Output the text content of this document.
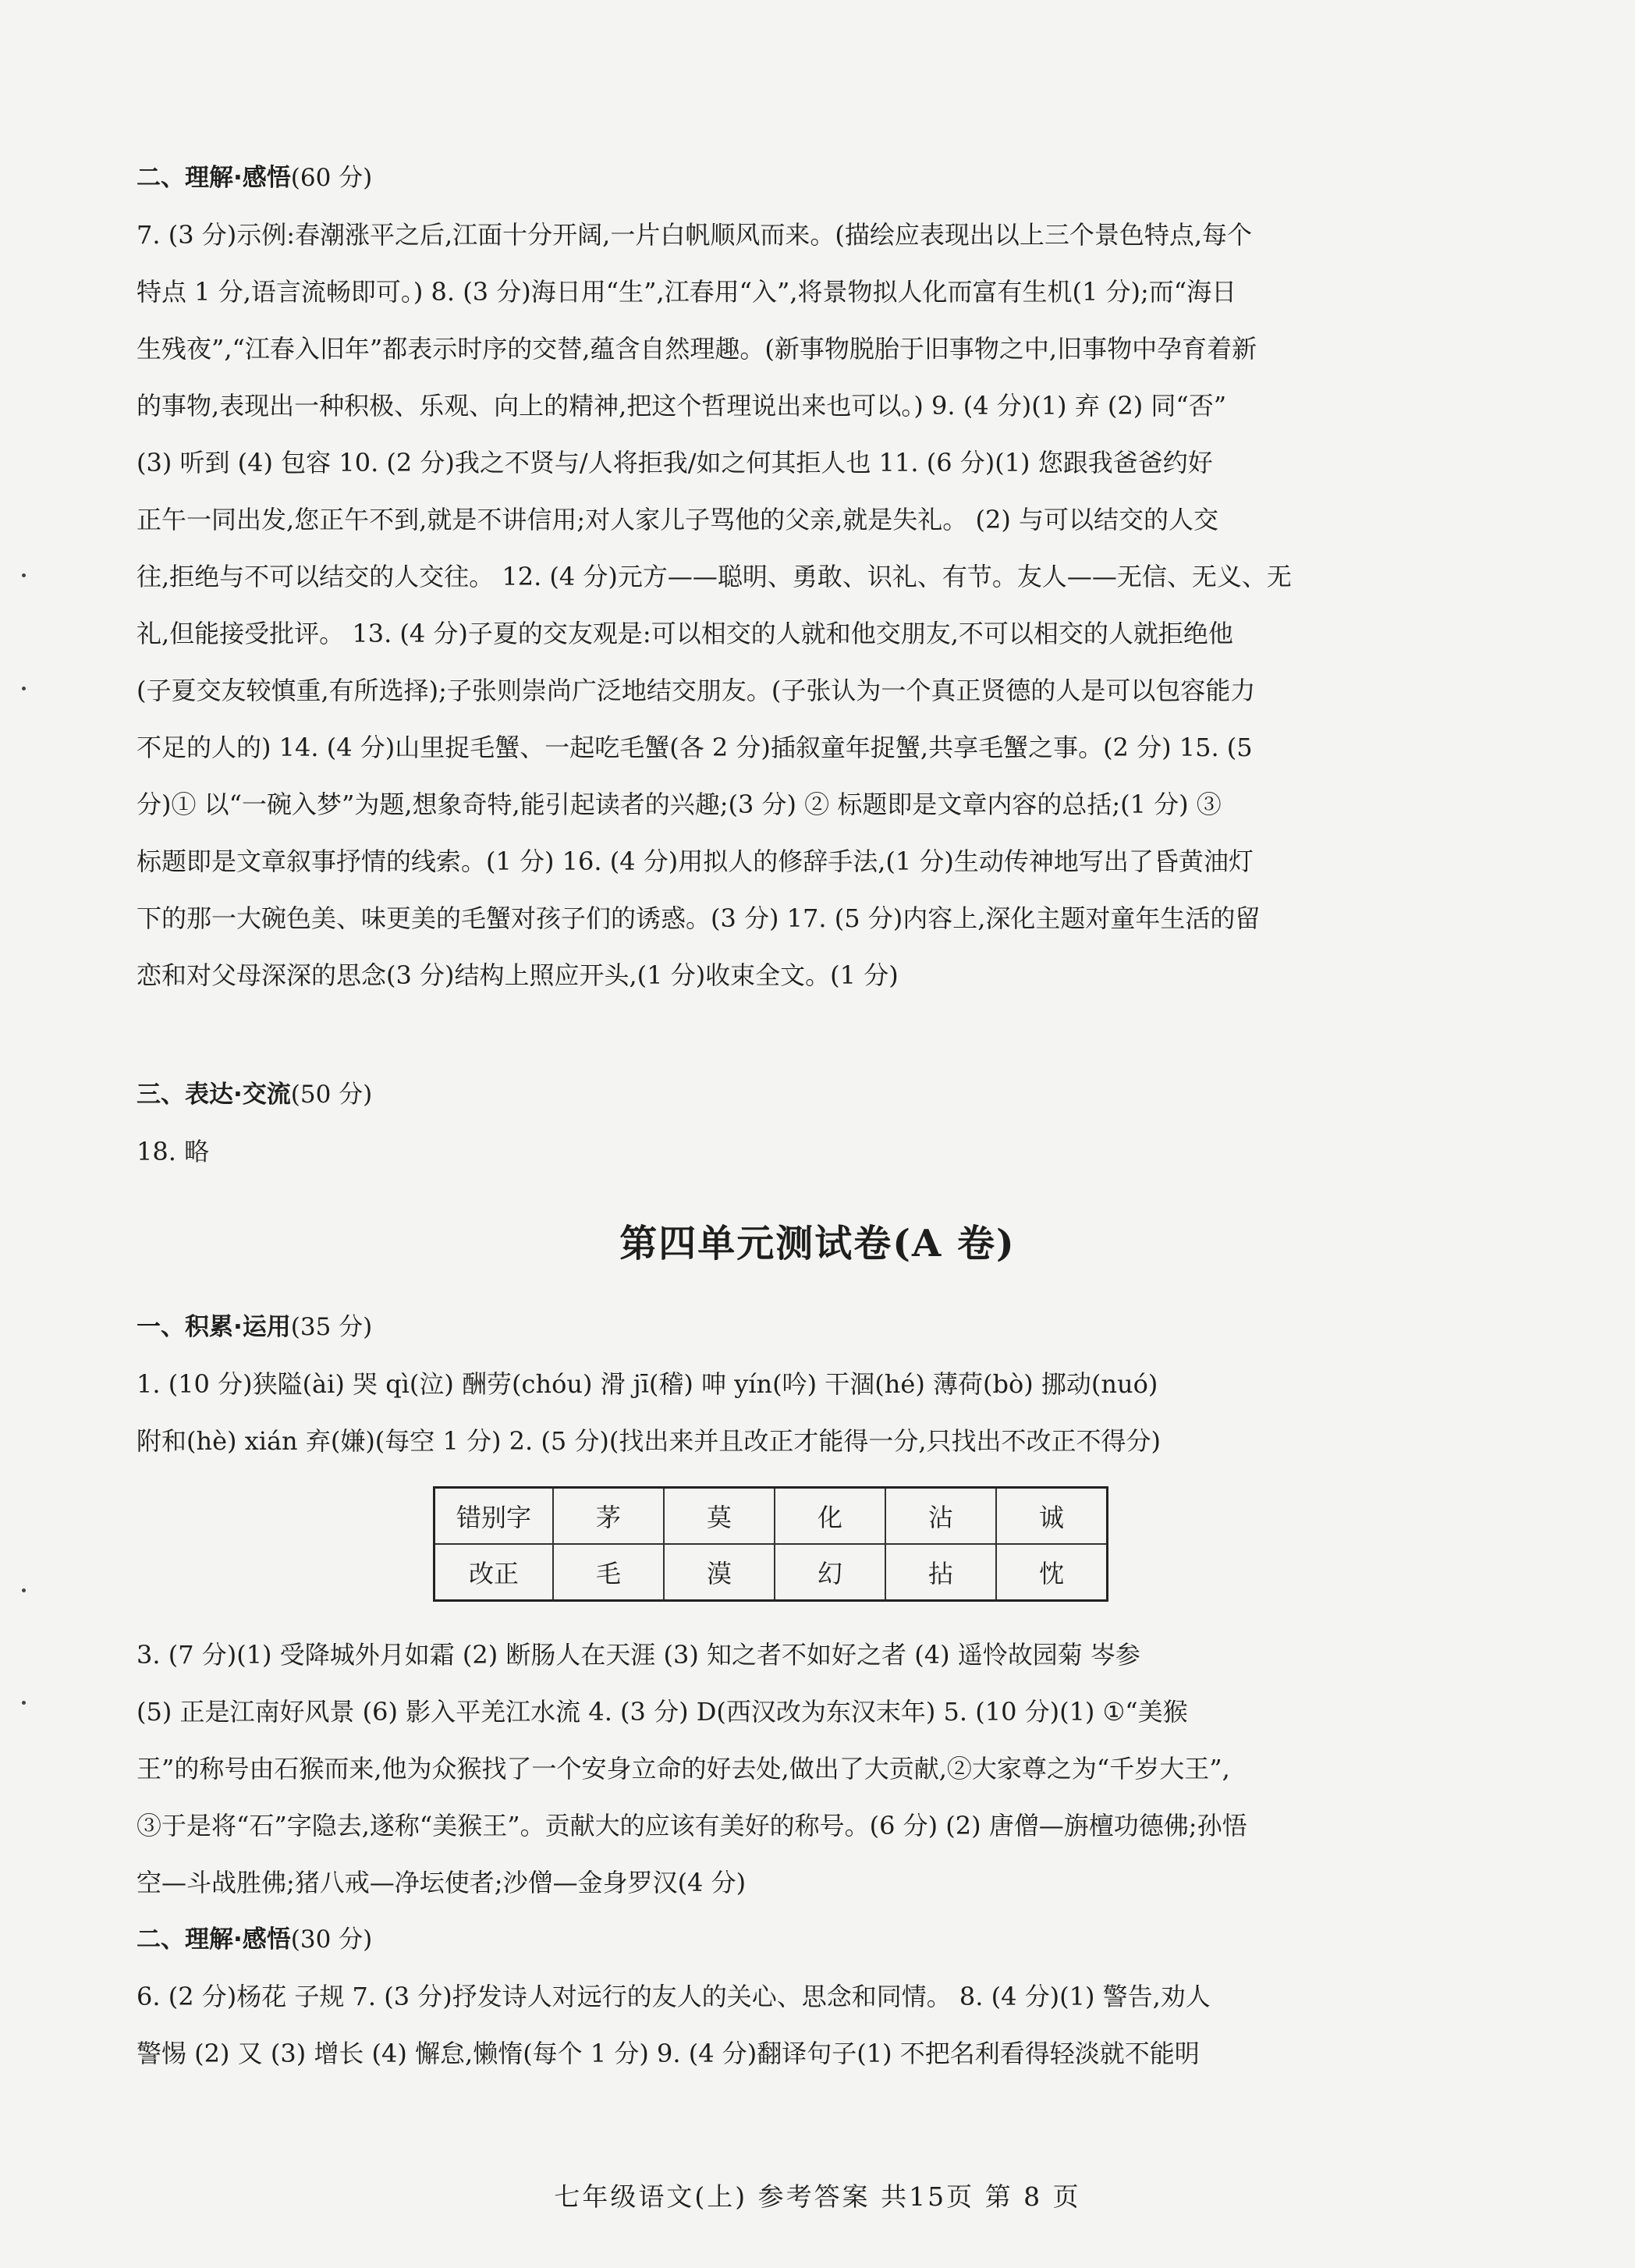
二、理解·感悟(60 分)
7. (3 分)示例:春潮涨平之后,江面十分开阔,一片白帆顺风而来。(描绘应表现出以上三个景色特点,每个
特点 1 分,语言流畅即可。) 8. (3 分)海日用“生”,江春用“入”,将景物拟人化而富有生机(1 分);而“海日
生残夜”,“江春入旧年”都表示时序的交替,蕴含自然理趣。(新事物脱胎于旧事物之中,旧事物中孕育着新
的事物,表现出一种积极、乐观、向上的精神,把这个哲理说出来也可以。) 9. (4 分)(1) 弃 (2) 同“否”
(3) 听到 (4) 包容 10. (2 分)我之不贤与/人将拒我/如之何其拒人也 11. (6 分)(1) 您跟我爸爸约好
正午一同出发,您正午不到,就是不讲信用;对人家儿子骂他的父亲,就是失礼。 (2) 与可以结交的人交
往,拒绝与不可以结交的人交往。 12. (4 分)元方——聪明、勇敢、识礼、有节。友人——无信、无义、无
礼,但能接受批评。 13. (4 分)子夏的交友观是:可以相交的人就和他交朋友,不可以相交的人就拒绝他
(子夏交友较慎重,有所选择);子张则崇尚广泛地结交朋友。(子张认为一个真正贤德的人是可以包容能力
不足的人的) 14. (4 分)山里捉毛蟹、一起吃毛蟹(各 2 分)插叙童年捉蟹,共享毛蟹之事。(2 分) 15. (5
分)① 以“一碗入梦”为题,想象奇特,能引起读者的兴趣;(3 分) ② 标题即是文章内容的总括;(1 分) ③
标题即是文章叙事抒情的线索。(1 分) 16. (4 分)用拟人的修辞手法,(1 分)生动传神地写出了昏黄油灯
下的那一大碗色美、味更美的毛蟹对孩子们的诱惑。(3 分) 17. (5 分)内容上,深化主题对童年生活的留
恋和对父母深深的思念(3 分)结构上照应开头,(1 分)收束全文。(1 分)
三、表达·交流(50 分)
18. 略
第四单元测试卷(A 卷)
一、积累·运用(35 分)
1. (10 分)狭隘(ài) 哭 qì(泣) 酬劳(chóu) 滑 jī(稽) 呻 yín(吟) 干涸(hé) 薄荷(bò) 挪动(nuó)
附和(hè) xián 弃(嫌)(每空 1 分) 2. (5 分)(找出来并且改正才能得一分,只找出不改正不得分)
错别字	茅	莫	化	沾	诚
改正	毛	漠	幻	拈	忱
3. (7 分)(1) 受降城外月如霜 (2) 断肠人在天涯 (3) 知之者不如好之者 (4) 遥怜故园菊 岑参
(5) 正是江南好风景 (6) 影入平羌江水流 4. (3 分) D(西汉改为东汉末年) 5. (10 分)(1) ①“美猴
王”的称号由石猴而来,他为众猴找了一个安身立命的好去处,做出了大贡献,②大家尊之为“千岁大王”,
③于是将“石”字隐去,遂称“美猴王”。贡献大的应该有美好的称号。(6 分) (2) 唐僧—旃檀功德佛;孙悟
空—斗战胜佛;猪八戒—净坛使者;沙僧—金身罗汉(4 分)
二、理解·感悟(30 分)
6. (2 分)杨花 子规 7. (3 分)抒发诗人对远行的友人的关心、思念和同情。 8. (4 分)(1) 警告,劝人
警惕 (2) 又 (3) 增长 (4) 懈怠,懒惰(每个 1 分) 9. (4 分)翻译句子(1) 不把名利看得轻淡就不能明
七年级语文(上) 参考答案 共15页 第 8 页
